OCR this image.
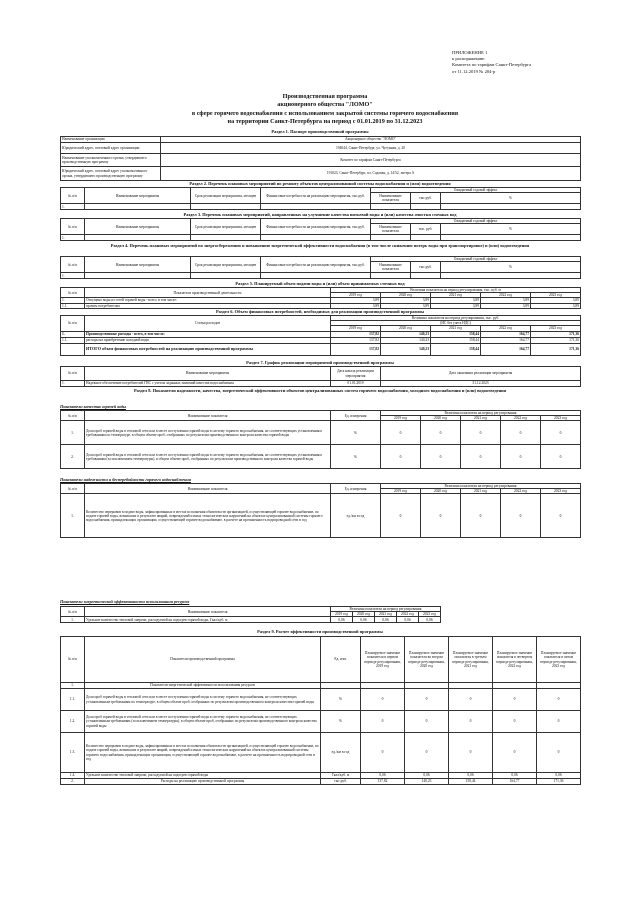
ПРИЛОЖЕНИЕ 1
к распоряжению
Комитета по тарифам Санкт-Петербурга
от 11.12.2019 № 204-р
Производственная программа
акционерного общества "ЛОМО"
в сфере горячего водоснабжения с использованием закрытой системы горячего водоснабжения
на территории Санкт-Петербурга на период с 01.01.2019 по 31.12.2023
Раздел 1. Паспорт производственной программы
Наименование организации	Акционерное общество "ЛОМО"
Юридический адрес, почтовый адрес организации	194044, Санкт-Петербург, ул. Чугунная, д. 20
Наименование уполномоченного органа, утвердившего производственную программу	Комитет по тарифам Санкт-Петербурга
Юридический адрес, почтовый адрес уполномоченного органа, утвердившего производственную программу	191023, Санкт-Петербург, пл. Садовая, д. 14/52, литера А
Раздел 2. Перечень плановых мероприятий по ремонту объектов централизованной системы водоснабжения и (или) водоотведения
№ п/п	Наименование мероприятия	Срок реализации мероприятия, месяцев	Финансовые потребности на реализацию мероприятия, тыс.руб.	Ожидаемый годовой эффект		
				Наименование показателя	тыс.руб.	%
1.						
Раздел 3. Перечень плановых мероприятий, направленных на улучшение качества питьевой воды и (или) качества очистки сточных вод
№ п/п	Наименование мероприятия	Срок реализации мероприятия, месяцев	Финансовые потребности на реализацию мероприятия, тыс.руб.	Ожидаемый годовой эффект		
				Наименование показателя	тыс. руб.	%
1.						
Раздел 4. Перечень плановых мероприятий по энергосбережению и повышению энергетической эффективности водоснабжения (в том числе снижению потерь воды при транспортировке) и (или) водоотведения
№ п/п	Наименование мероприятия	Срок реализации мероприятия, месяцев	Финансовые потребности на реализацию мероприятия, тыс.руб.	Ожидаемый годовой эффект		
				Наименование показателя	тыс.руб.	%
1.						
Раздел 5. Планируемый объем подачи воды и (или) объем принимаемых сточных вод
№ п/п	Показатели производственной деятельности	Величина показателя на период регулирования, тыс. куб. м				
		2019 год	2020 год	2021 год	2022 год	2023 год
1.	Отпущено воды из сетей горячей воды - всего, в том числе:	3,89	3,89	3,89	3,89	3,89
1.1.	прочим потребителям	3,89	3,89	3,89	3,89	3,89
Раздел 6. Объем финансовых потребностей, необходимых для реализации производственной программы
№ п/п	Статьи расходов	Величина показателя на период регулирования, тыс. руб.				
		(НС без учета НДС)				
		2019 год	2020 год	2021 год	2022 год	2023 год
1.	Производственные расходы - всего, в том числе:	137,82	140,23	158,44	164,77	171,36
1.1.	расходы на приобретение холодной воды	137,82	140,23	158,44	164,77	171,36
	ИТОГО объем финансовых потребностей на реализацию производственной программы	137,82	140,23	158,44	164,77	171,36
Раздел 7. График реализации мероприятий производственной программы
№ п/п	Наименование мероприятия	Дата начала реализации мероприятия	Дата окончания реализации мероприятия
1.	Надежное обеспечение потребителей ГВС с учетом заданных значений качества водоснабжения	01.01.2019	31.12.2023
Раздел 8. Показатели надежности, качества, энергетической эффективности объектов централизованных систем горячего водоснабжения, холодного водоснабжения и (или) водоотведения
Показатели качества горячей воды
№ п/п	Наименование показателя	Ед. измерения	Величина показателя на период регулирования				
			2019 год	2020 год	2021 год	2022 год	2023 год
1.	Доля проб горячей воды в тепловой сети или в месте поступления горячей воды в систему горячего водоснабжения, не соответствующих установленным требованиям по температуре, в общем объеме проб, отобранных по результатам производственного контроля качества горячей воды	%	0	0	0	0	0
2.	Доля проб горячей воды в тепловой сети или в месте поступления горячей воды в систему горячего водоснабжения, не соответствующих установленным требованиям (за исключением температуры), в общем объеме проб, отобранных по результатам производственного контроля качества горячей воды	%	0	0	0	0	0
Показатели надежности и бесперебойности горячего водоснабжения
№ п/п	Наименование показателя	Ед. измерения	Величина показателя на период регулирования				
			2019 год	2020 год	2021 год	2022 год	2023 год
1.	Количество перерывов в подаче воды, зафиксированных в местах исполнения обязательств организацией, осуществляющей горячее водоснабжение, по подаче горячей воды, возникших в результате аварий, повреждений и иных технологических нарушений на объектах централизованной системы горячего водоснабжения, принадлежащих организации, осуществляющей горячее водоснабжение, в расчете на протяженность водопроводной сети в год	ед./км в год	0	0	0	0	0
Показатели энергетической эффективности использования ресурсов
№ п/п	Наименование показателя	Величина показателя на период регулирования				
		2019 год	2020 год	2021 год	2022 год	2023 год
1.	Удельное количество тепловой энергии, расходуемой на подогрев горячей воды, Гкал/куб. м	0,06	0,06	0,06	0,06	0,06
Раздел 9. Расчет эффективности производственной программы
№ п/п	Показатели производственной программы	Ед. изм.	Планируемое значение показателя в первом периоде регулирования, 2019 год	Планируемое значение показателя во втором периоде регулирования, 2020 год	Планируемое значение показателя в третьем периоде регулирования, 2021 год	Планируемое значение показателя в четвертом периоде регулирования, 2022 год	Планируемое значение показателя в пятом периоде регулирования, 2023 год
1.	Показатели энергетической эффективности использования ресурсов						
1.1.	Доля проб горячей воды в тепловой сети или в месте поступления горячей воды в систему горячего водоснабжения, не соответствующих установленным требованиям по температуре, в общем объеме проб, отобранных по результатам производственного контроля качества горячей воды	%	0	0	0	0	0
1.2.	Доля проб горячей воды в тепловой сети или в месте поступления горячей воды в систему горячего водоснабжения, не соответствующих установленным требованиям (за исключением температуры), в общем объеме проб, отобранных по результатам производственного контроля качества горячей воды	%	0	0	0	0	0
1.3.	Количество перерывов в подаче воды, зафиксированных в местах исполнения обязательств организацией, осуществляющей горячее водоснабжение, по подаче горячей воды, возникших в результате аварий, повреждений и иных технологических нарушений на объектах централизованной системы горячего водоснабжения, принадлежащих организации, осуществляющей горячее водоснабжение, в расчете на протяженность водопроводной сети в год	ед./км в год	0	0	0	0	0
1.4.	Удельное количество тепловой энергии, расходуемой на подогрев горячей воды	Гкал/куб. м	0,06	0,06	0,06	0,06	0,06
2.	Расходы на реализацию производственной программы	тыс.руб.	137,82	140,23	158,44	164,77	171,36
